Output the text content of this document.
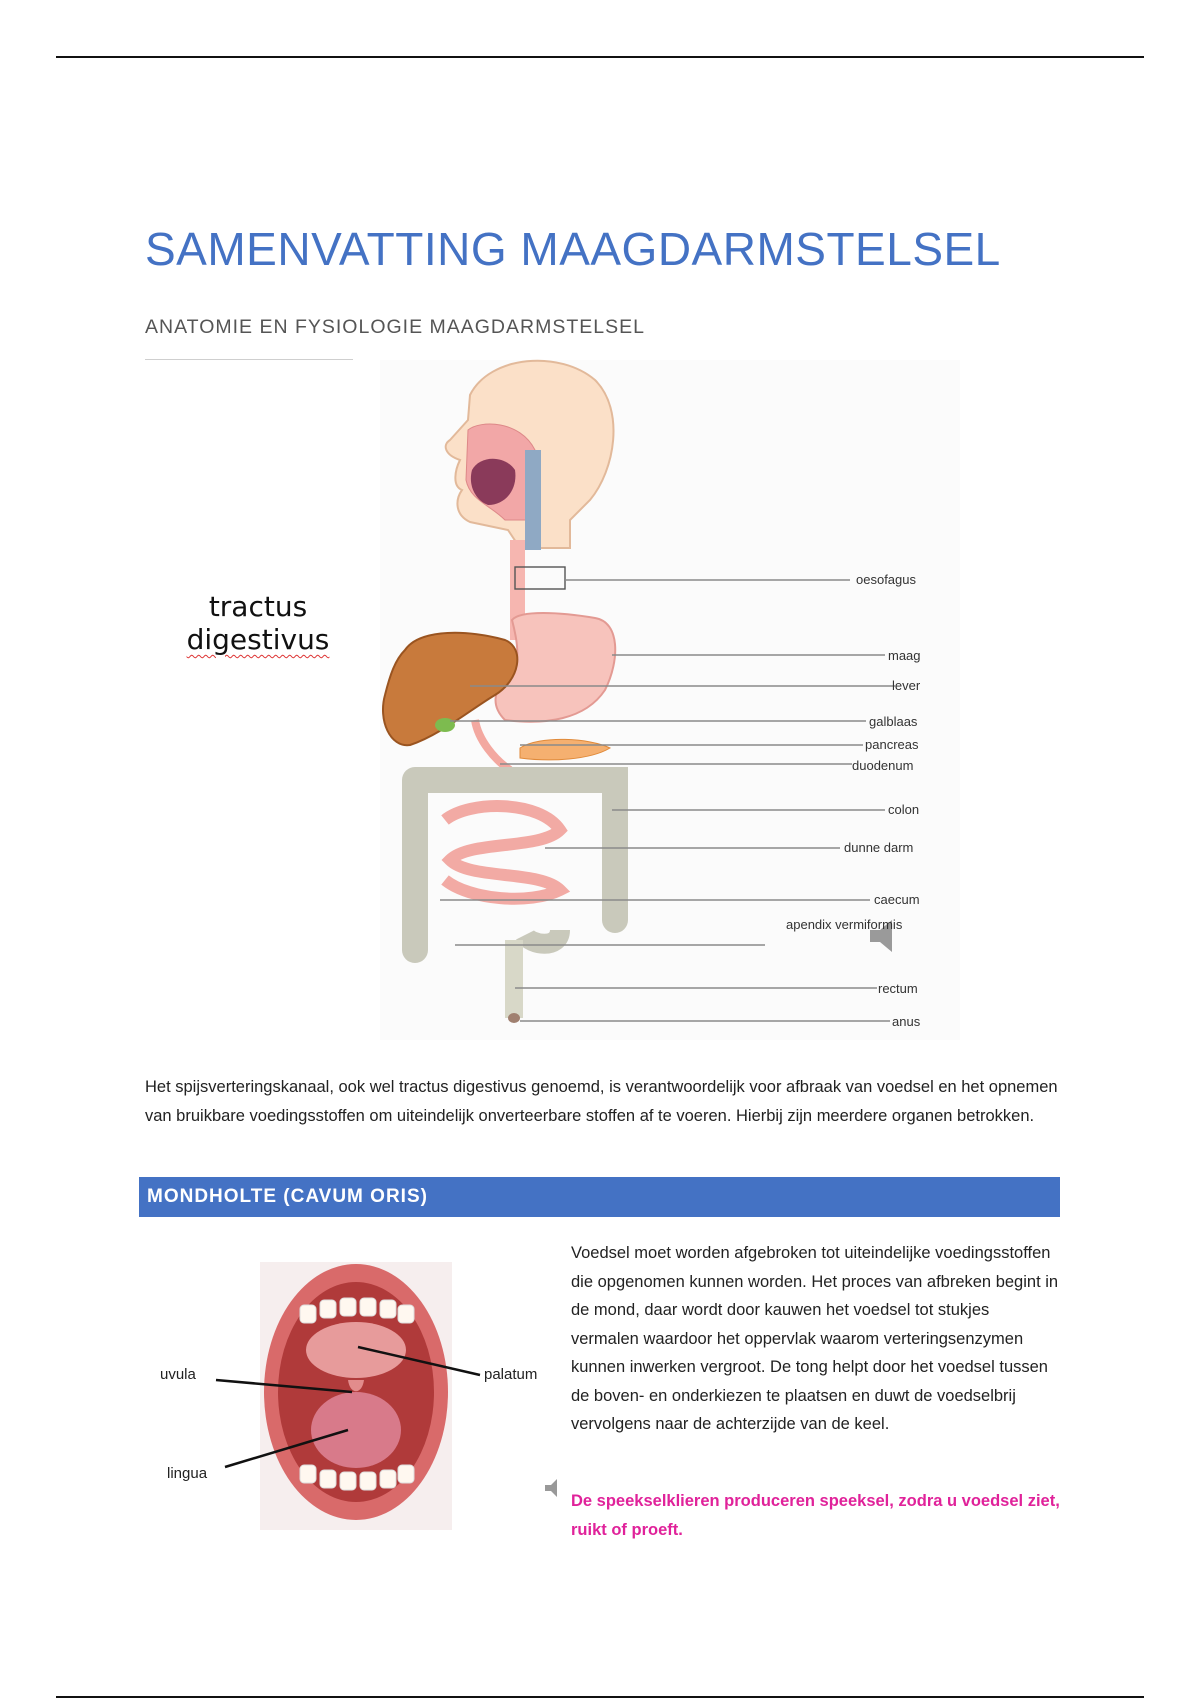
SAMENVATTING MAAGDARMSTELSEL
ANATOMIE EN FYSIOLOGIE MAAGDARMSTELSEL
tractus
digestivus
oesofagus
maag
lever
galblaas
pancreas
duodenum
colon
dunne darm
caecum
apendix vermiformis
rectum
anus

Het spijsverteringskanaal, ook wel tractus digestivus genoemd, is verantwoordelijk voor afbraak van voedsel en het opnemen van bruikbare voedingsstoffen om uiteindelijk onverteerbare stoffen af te voeren. Hierbij zijn meerdere organen betrokken.

MONDHOLTE (CAVUM ORIS)
uvula	palatum
lingua

Voedsel moet worden afgebroken tot uiteindelijke voedingsstoffen die opgenomen kunnen worden. Het proces van afbreken begint in de mond, daar wordt door kauwen het voedsel tot stukjes vermalen waardoor het oppervlak waarom verteringsenzymen kunnen inwerken vergroot. De tong helpt door het voedsel tussen de boven- en onderkiezen te plaatsen en duwt de voedselbrij vervolgens naar de achterzijde van de keel.

De speekselklieren produceren speeksel, zodra u voedsel ziet, ruikt of proeft.
